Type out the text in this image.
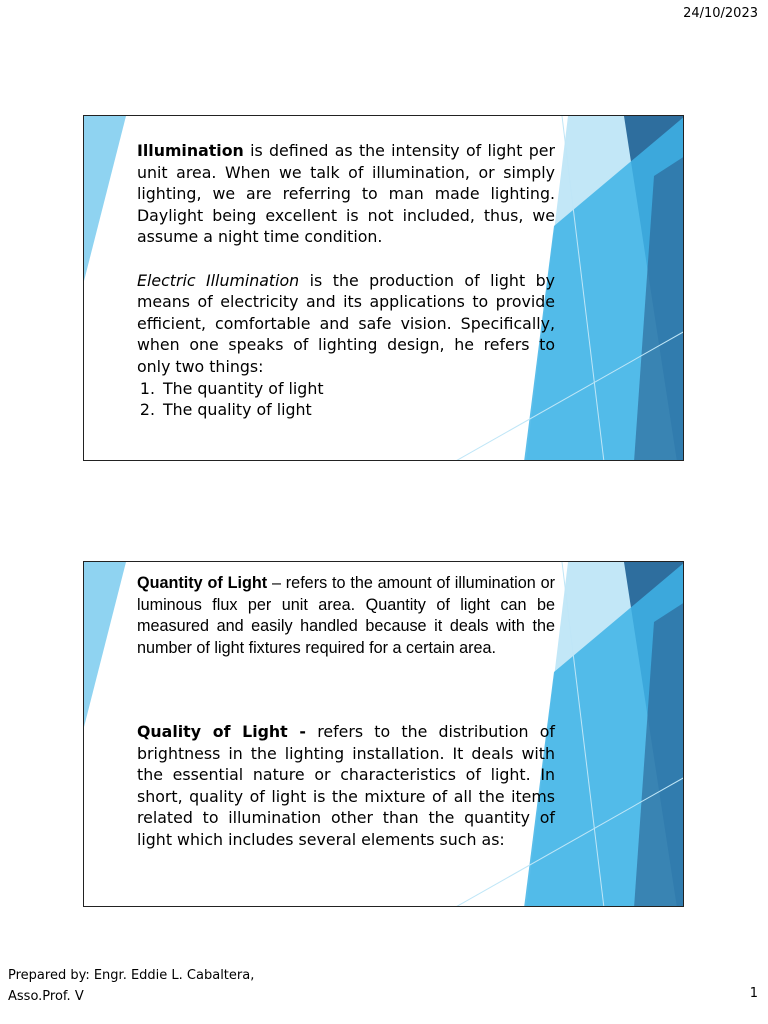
24/10/2023

Illumination is defined as the intensity of light per unit area. When we talk of illumination, or simply lighting, we are referring to man made lighting. Daylight being excellent is not included, thus, we assume a night time condition.

Electric Illumination is the production of light by means of electricity and its applications to provide efficient, comfortable and safe vision. Specifically, when one speaks of lighting design, he refers to only two things:

1. The quantity of light
2. The quality of light

Quantity of Light – refers to the amount of illumination or luminous flux per unit area. Quantity of light can be measured and easily handled because it deals with the number of light fixtures required for a certain area.

Quality of Light - refers to the distribution of brightness in the lighting installation. It deals with the essential nature or characteristics of light. In short, quality of light is the mixture of all the items related to illumination other than the quantity of light which includes several elements such as:

Prepared by: Engr. Eddie L. Cabaltera,
Asso.Prof. V	1
